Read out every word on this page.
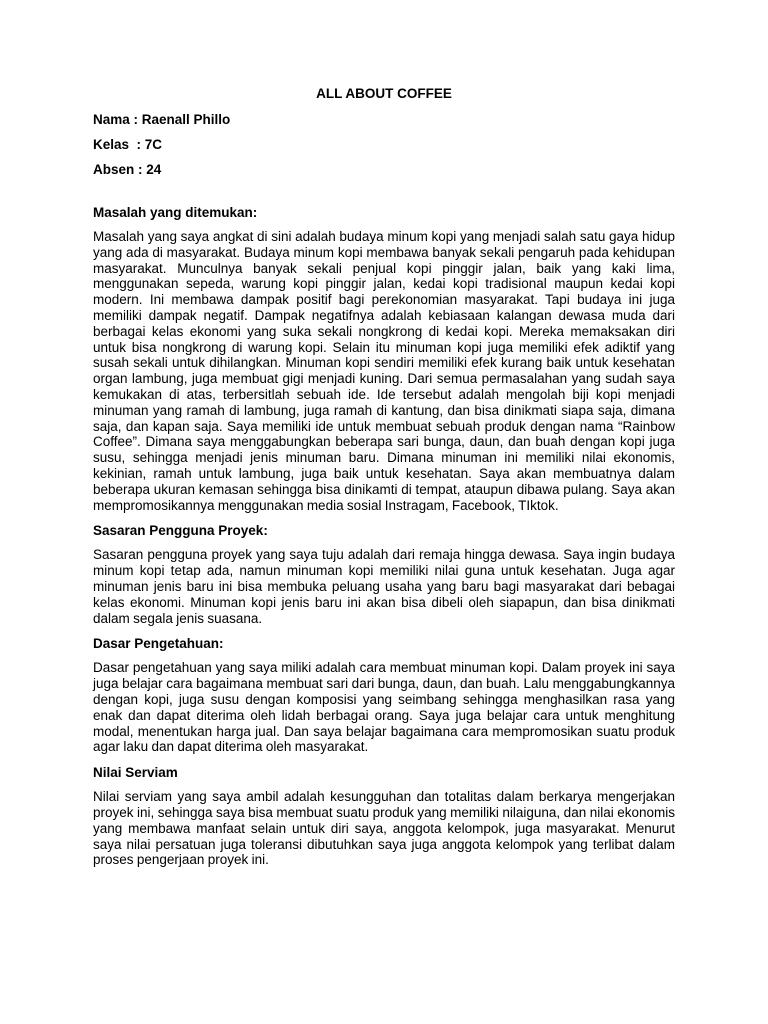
ALL ABOUT COFFEE
Nama : Raenall Phillo
Kelas  : 7C
Absen : 24
Masalah yang ditemukan:
Masalah yang saya angkat di sini adalah budaya minum kopi yang menjadi salah satu gaya hidup yang ada di masyarakat. Budaya minum kopi membawa banyak sekali pengaruh pada kehidupan masyarakat. Munculnya banyak sekali penjual kopi pinggir jalan, baik yang kaki lima, menggunakan sepeda, warung kopi pinggir jalan, kedai kopi tradisional maupun kedai kopi modern. Ini membawa dampak positif bagi perekonomian masyarakat. Tapi budaya ini juga memiliki dampak negatif. Dampak negatifnya adalah kebiasaan kalangan dewasa muda dari berbagai kelas ekonomi yang suka sekali nongkrong di kedai kopi. Mereka memaksakan diri untuk bisa nongkrong di warung kopi. Selain itu minuman kopi juga memiliki efek adiktif yang susah sekali untuk dihilangkan. Minuman kopi sendiri memiliki efek kurang baik untuk kesehatan organ lambung, juga membuat gigi menjadi kuning. Dari semua permasalahan yang sudah saya kemukakan di atas, terbersitlah sebuah ide. Ide tersebut adalah mengolah biji kopi menjadi minuman yang ramah di lambung, juga ramah di kantung, dan bisa dinikmati siapa saja, dimana saja, dan kapan saja. Saya memiliki ide untuk membuat sebuah produk dengan nama “Rainbow Coffee”. Dimana saya menggabungkan beberapa sari bunga, daun, dan buah dengan kopi juga susu, sehingga menjadi jenis minuman baru. Dimana minuman ini memiliki nilai ekonomis, kekinian, ramah untuk lambung, juga baik untuk kesehatan. Saya akan membuatnya dalam beberapa ukuran kemasan sehingga bisa dinikamti di tempat, ataupun dibawa pulang. Saya akan mempromosikannya menggunakan media sosial Instragam, Facebook, TIktok.
Sasaran Pengguna Proyek:
Sasaran pengguna proyek yang saya tuju adalah dari remaja hingga dewasa. Saya ingin budaya minum kopi tetap ada, namun minuman kopi memiliki nilai guna untuk kesehatan. Juga agar minuman jenis baru ini bisa membuka peluang usaha yang baru bagi masyarakat dari bebagai kelas ekonomi. Minuman kopi jenis baru ini akan bisa dibeli oleh siapapun, dan bisa dinikmati dalam segala jenis suasana.
Dasar Pengetahuan:
Dasar pengetahuan yang saya miliki adalah cara membuat minuman kopi. Dalam proyek ini saya juga belajar cara bagaimana membuat sari dari bunga, daun, dan buah. Lalu menggabungkannya dengan kopi, juga susu dengan komposisi yang seimbang sehingga menghasilkan rasa yang enak dan dapat diterima oleh lidah berbagai orang. Saya juga belajar cara untuk menghitung modal, menentukan harga jual. Dan saya belajar bagaimana cara mempromosikan suatu produk agar laku dan dapat diterima oleh masyarakat.
Nilai Serviam
Nilai serviam yang saya ambil adalah kesungguhan dan totalitas dalam berkarya mengerjakan proyek ini, sehingga saya bisa membuat suatu produk yang memiliki nilaiguna, dan nilai ekonomis yang membawa manfaat selain untuk diri saya, anggota kelompok, juga masyarakat. Menurut saya nilai persatuan juga toleransi dibutuhkan saya juga anggota kelompok yang terlibat dalam proses pengerjaan proyek ini.
